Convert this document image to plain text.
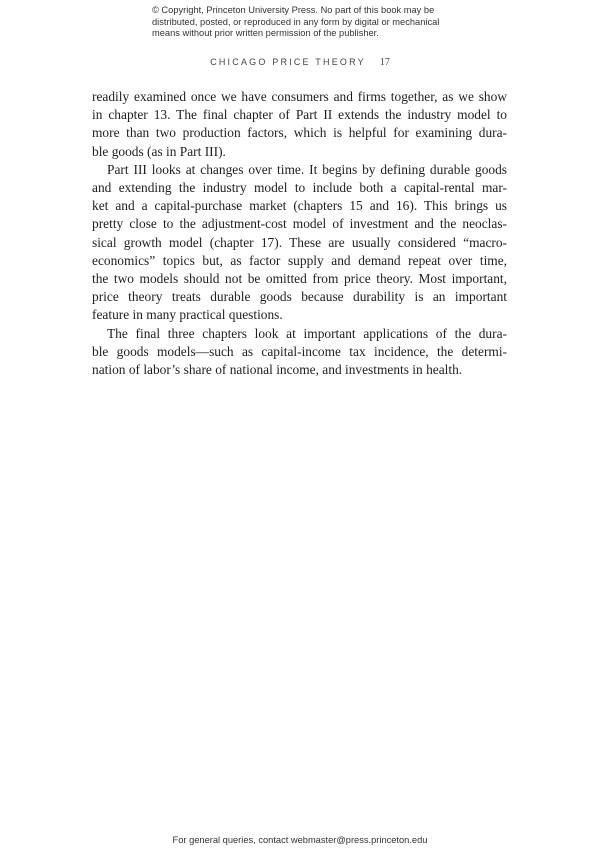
© Copyright, Princeton University Press. No part of this book may be
distributed, posted, or reproduced in any form by digital or mechanical
means without prior written permission of the publisher.
CHICAGO PRICE THEORY 17
readily examined once we have consumers and firms together, as we show
in chapter 13. The final chapter of Part II extends the industry model to
more than two production factors, which is helpful for examining dura-
ble goods (as in Part III).
Part III looks at changes over time. It begins by defining durable goods
and extending the industry model to include both a capital-rental mar-
ket and a capital-purchase market (chapters 15 and 16). This brings us
pretty close to the adjustment-cost model of investment and the neoclas-
sical growth model (chapter 17). These are usually considered “macro-
economics” topics but, as factor supply and demand repeat over time,
the two models should not be omitted from price theory. Most important,
price theory treats durable goods because durability is an important
feature in many practical questions.
The final three chapters look at important applications of the dura-
ble goods models—such as capital-income tax incidence, the determi-
nation of labor’s share of national income, and investments in health.
For general queries, contact webmaster@press.princeton.edu
